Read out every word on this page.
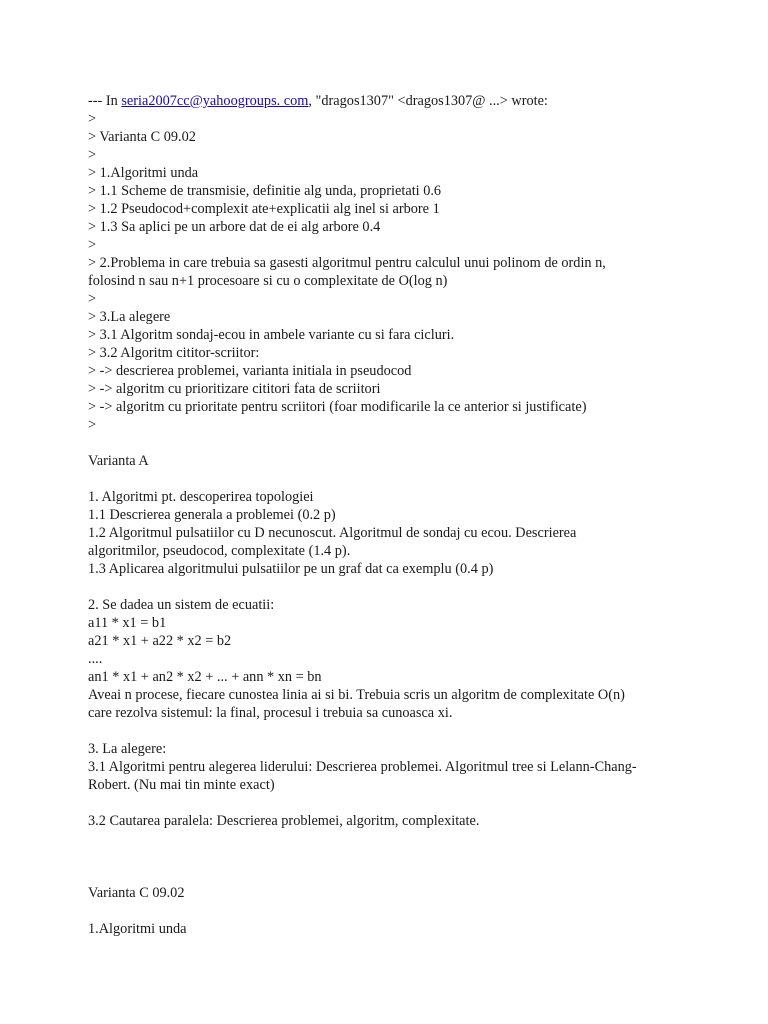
--- In seria2007cc@yahoogroups. com, "dragos1307" <dragos1307@ ...> wrote:
>
> Varianta C 09.02
>
> 1.Algoritmi unda
> 1.1 Scheme de transmisie, definitie alg unda, proprietati 0.6
> 1.2 Pseudocod+complexit ate+explicatii alg inel si arbore 1
> 1.3 Sa aplici pe un arbore dat de ei alg arbore 0.4
>
> 2.Problema in care trebuia sa gasesti algoritmul pentru calculul unui polinom de ordin n,
folosind n sau n+1 procesoare si cu o complexitate de O(log n)
>
> 3.La alegere
> 3.1 Algoritm sondaj-ecou in ambele variante cu si fara cicluri.
> 3.2 Algoritm cititor-scriitor:
> -> descrierea problemei, varianta initiala in pseudocod
> -> algoritm cu prioritizare cititori fata de scriitori
> -> algoritm cu prioritate pentru scriitori (foar modificarile la ce anterior si justificate)
>
Varianta A
1. Algoritmi pt. descoperirea topologiei
1.1 Descrierea generala a problemei (0.2 p)
1.2 Algoritmul pulsatiilor cu D necunoscut. Algoritmul de sondaj cu ecou. Descrierea
algoritmilor, pseudocod, complexitate (1.4 p).
1.3 Aplicarea algoritmului pulsatiilor pe un graf dat ca exemplu (0.4 p)
2. Se dadea un sistem de ecuatii:
a11 * x1 = b1
a21 * x1 + a22 * x2 = b2
....
an1 * x1 + an2 * x2 + ... + ann * xn = bn
Aveai n procese, fiecare cunostea linia ai si bi. Trebuia scris un algoritm de complexitate O(n)
care rezolva sistemul: la final, procesul i trebuia sa cunoasca xi.
3. La alegere:
3.1 Algoritmi pentru alegerea liderului: Descrierea problemei. Algoritmul tree si Lelann-Chang-
Robert. (Nu mai tin minte exact)
3.2 Cautarea paralela: Descrierea problemei, algoritm, complexitate.
Varianta C 09.02
1.Algoritmi unda
